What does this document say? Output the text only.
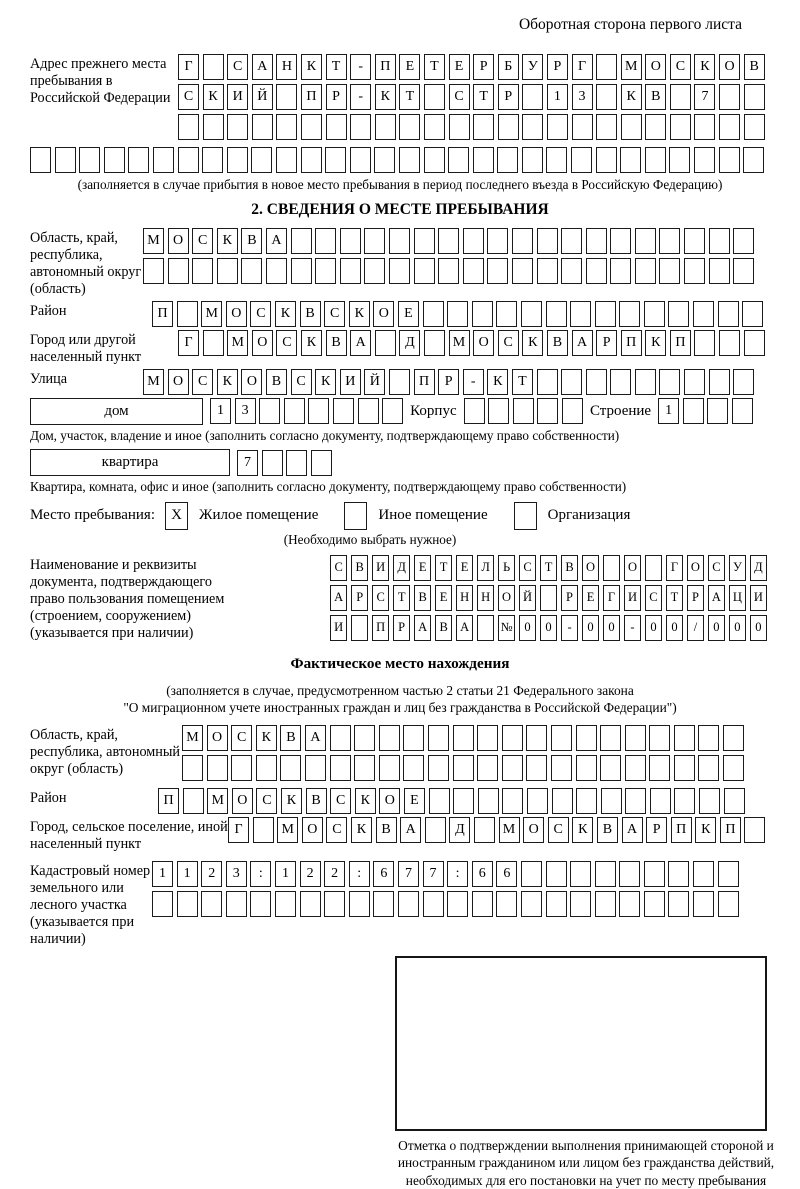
Оборотная сторона первого листа
Адрес прежнего места пребывания в Российской Федерации
Г	С	А	Н	К	Т	-	П	Е	Т	Е	Р	Б	У	Р	Г	М О	С	К	О	В
С	К	И	Й	П	Р	-	К	Т	С	Т	Р	1	3	К	В	7
(заполняется в случае прибытия в новое место пребывания в период последнего въезда в Российскую Федерацию)
2. СВЕДЕНИЯ О МЕСТЕ ПРЕБЫВАНИЯ
Область, край, республика, автономный округ (область)
М О	С	К	В	А
Район	П	М О	С	К	В	С	К	О	Е
Город или другой населенный пункт
Г	М О	С	К	В	А	Д	М О	С	К	В	А	Р	П	К	П
Улица	М О	С	К	О	В	С	К	И	Й	П	Р	-	К	Т
дом	1	3	Корпус	Строение	1
Дом, участок, владение и иное (заполнить согласно документу, подтверждающему право собственности)
квартира	7
Квартира, комната, офис и иное (заполнить согласно документу, подтверждающему право собственности)
Место пребывания:	X	Жилое помещение	Иное помещение	Организация
(Необходимо выбрать нужное)
Наименование и реквизиты документа, подтверждающего право пользования помещением (строением, сооружением) (указывается при наличии)
С	В И Д	Е	Т	Е	Л	Ь	С	Т	В О	О	Г	О С У Д
А	Р	С	Т	В	Е	Н Н О Й	Р	Е	Г	И С	Т	Р	А Ц И
И	П	Р	А В А	№ 0	0	-	0	0	-	0	0	/	0	0	0
Фактическое место нахождения
(заполняется в случае, предусмотренном частью 2 статьи 21 Федерального закона
"О миграционном учете иностранных граждан и лиц без гражданства в Российской Федерации")
Область, край, республика, автономный округ (область)
М О	С	К	В	А
Район	П	М О	С	К	В	С	К	О	Е
Город, сельское поселение, иной населенный пункт
Г	М О	С	К	В	А	Д	М О	С	К	В	А	Р	П	К	П
Кадастровый номер земельного или лесного участка (указывается при наличии)
1	1	2	3	:	1	2	2	:	6	7	7	:	6	6
Отметка о подтверждении выполнения принимающей стороной и иностранным гражданином или лицом без гражданства действий, необходимых для его постановки на учет по месту пребывания
